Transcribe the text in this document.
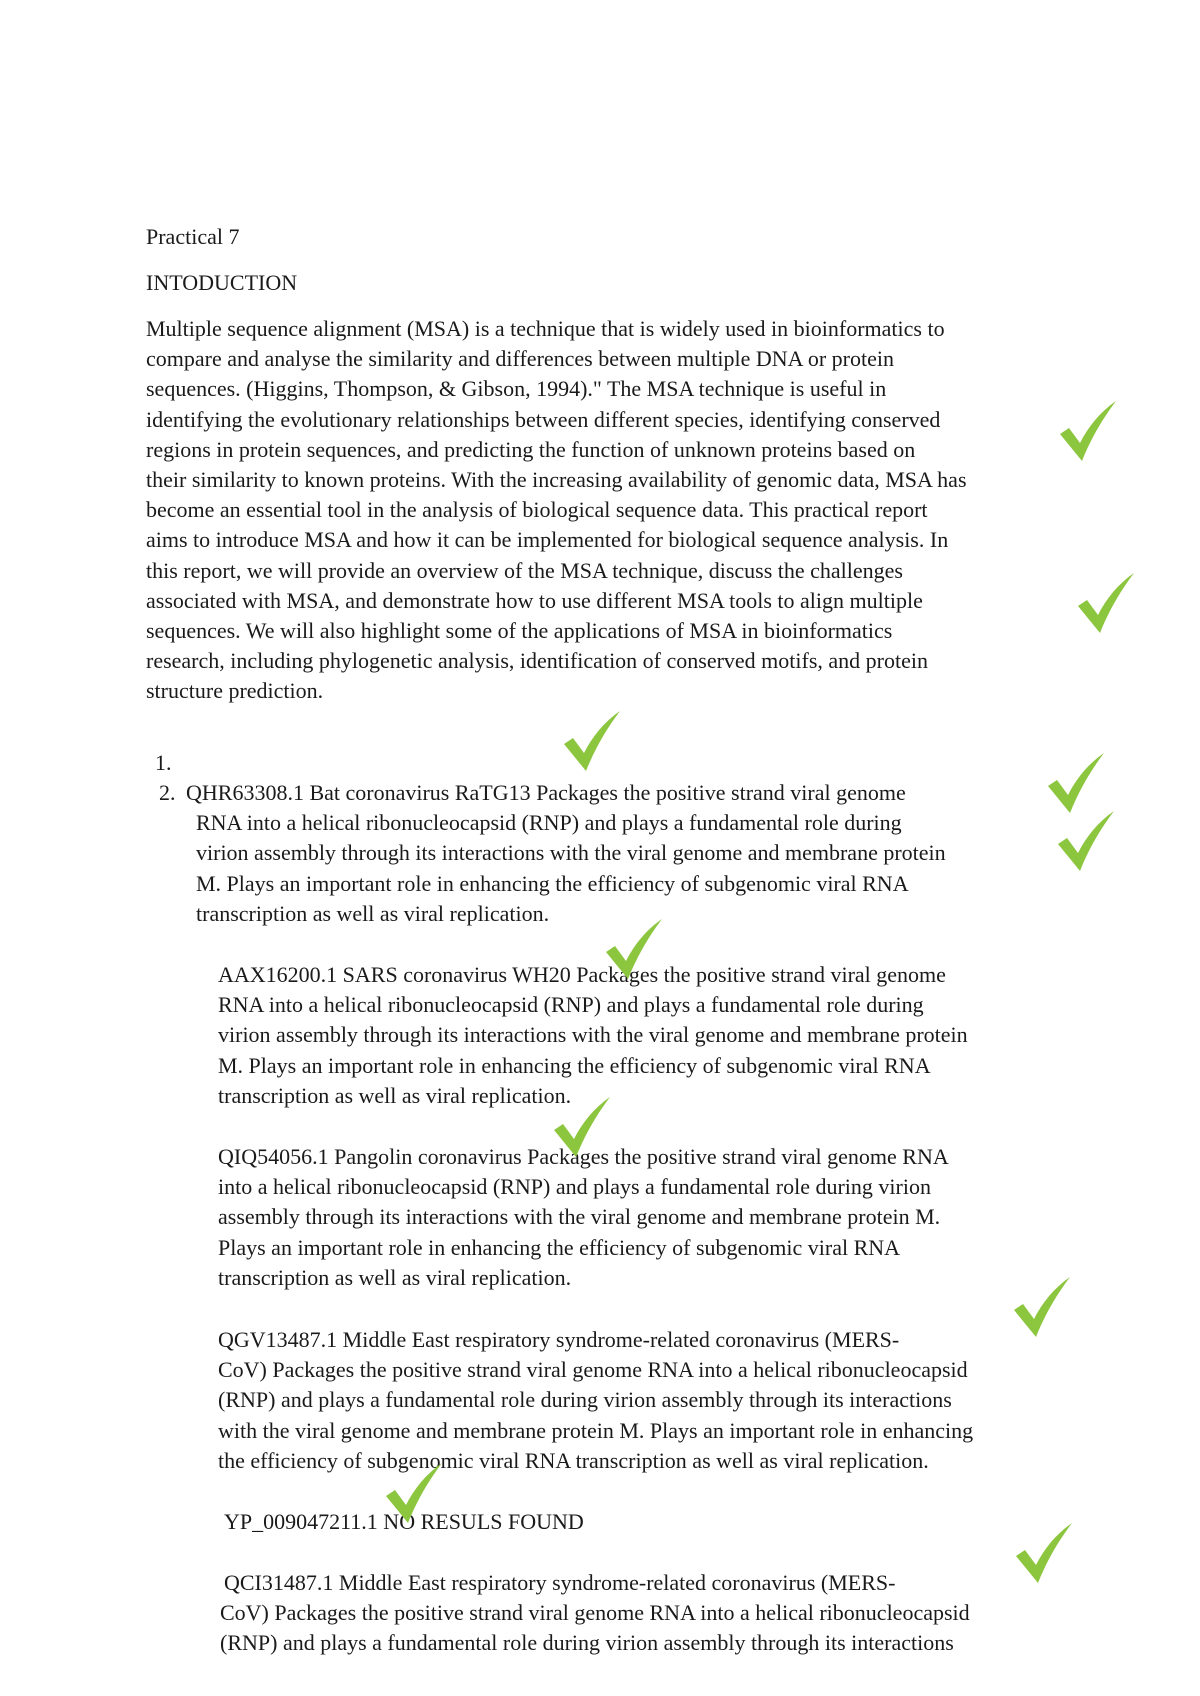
Practical 7
INTODUCTION
Multiple sequence alignment (MSA) is a technique that is widely used in bioinformatics to
compare and analyse the similarity and differences between multiple DNA or protein
sequences. (Higgins, Thompson, & Gibson, 1994)." The MSA technique is useful in
identifying the evolutionary relationships between different species, identifying conserved
regions in protein sequences, and predicting the function of unknown proteins based on
their similarity to known proteins. With the increasing availability of genomic data, MSA has
become an essential tool in the analysis of biological sequence data. This practical report
aims to introduce MSA and how it can be implemented for biological sequence analysis. In
this report, we will provide an overview of the MSA technique, discuss the challenges
associated with MSA, and demonstrate how to use different MSA tools to align multiple
sequences. We will also highlight some of the applications of MSA in bioinformatics
research, including phylogenetic analysis, identification of conserved motifs, and protein
structure prediction.
1.
2. QHR63308.1 Bat coronavirus RaTG13 Packages the positive strand viral genome
RNA into a helical ribonucleocapsid (RNP) and plays a fundamental role during
virion assembly through its interactions with the viral genome and membrane protein
M. Plays an important role in enhancing the efficiency of subgenomic viral RNA
transcription as well as viral replication.
AAX16200.1 SARS coronavirus WH20 Packages the positive strand viral genome
RNA into a helical ribonucleocapsid (RNP) and plays a fundamental role during
virion assembly through its interactions with the viral genome and membrane protein
M. Plays an important role in enhancing the efficiency of subgenomic viral RNA
transcription as well as viral replication.
QIQ54056.1 Pangolin coronavirus Packages the positive strand viral genome RNA
into a helical ribonucleocapsid (RNP) and plays a fundamental role during virion
assembly through its interactions with the viral genome and membrane protein M.
Plays an important role in enhancing the efficiency of subgenomic viral RNA
transcription as well as viral replication.
QGV13487.1 Middle East respiratory syndrome-related coronavirus (MERS-
CoV) Packages the positive strand viral genome RNA into a helical ribonucleocapsid
(RNP) and plays a fundamental role during virion assembly through its interactions
with the viral genome and membrane protein M. Plays an important role in enhancing
the efficiency of subgenomic viral RNA transcription as well as viral replication.
YP_009047211.1 NO RESULS FOUND
QCI31487.1 Middle East respiratory syndrome-related coronavirus (MERS-
CoV) Packages the positive strand viral genome RNA into a helical ribonucleocapsid
(RNP) and plays a fundamental role during virion assembly through its interactions
